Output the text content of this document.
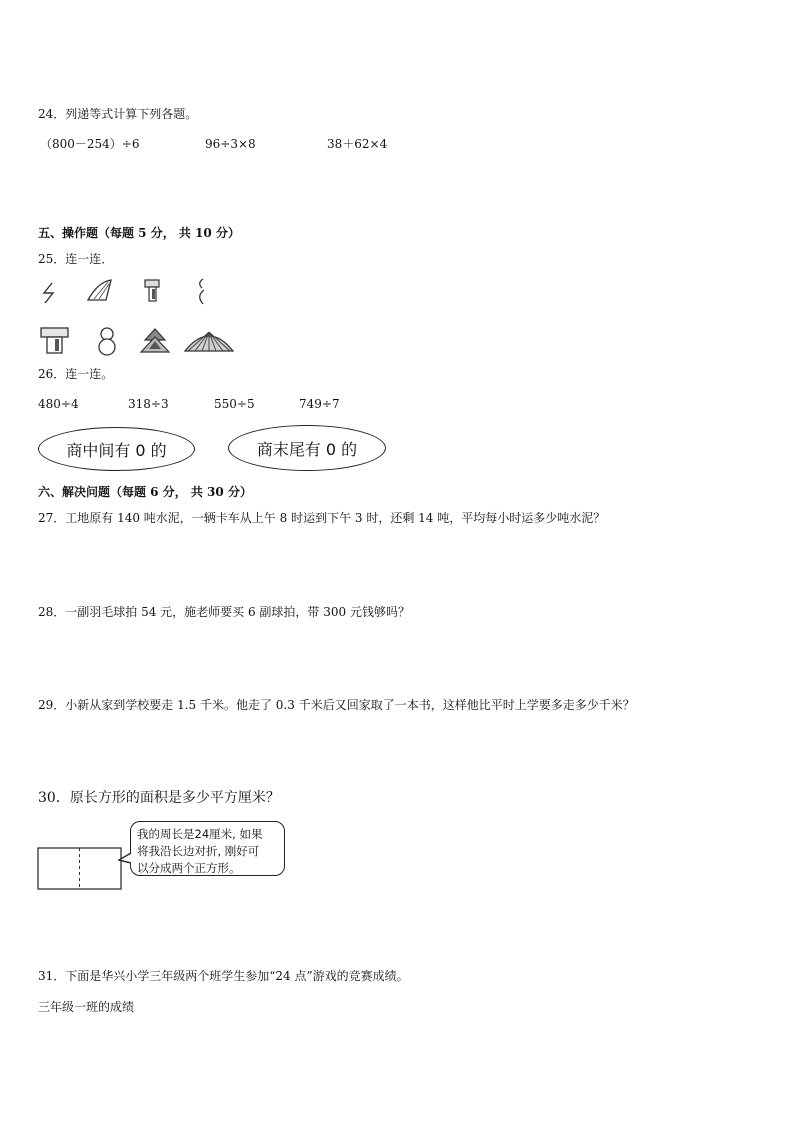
24．列递等式计算下列各题。
（800－254）÷6	96÷3×8	38＋62×4
五、操作题（每题 5 分， 共 10 分）
25．连一连．
26．连一连。
480÷4	318÷3	550÷5	749÷7
商中间有 0 的	商末尾有 0 的
六、解决问题（每题 6 分， 共 30 分）
27．工地原有 140 吨水泥，一辆卡车从上午 8 时运到下午 3 时，还剩 14 吨，平均每小时运多少吨水泥？
28．一副羽毛球拍 54 元，施老师要买 6 副球拍，带 300 元钱够吗？
29．小新从家到学校要走 1.5 千米。他走了 0.3 千米后又回家取了一本书，这样他比平时上学要多走多少千米？
30．原长方形的面积是多少平方厘米？
我的周长是24厘米, 如果
将我沿长边对折, 刚好可
以分成两个正方形。
31．下面是华兴小学三年级两个班学生参加“24 点”游戏的竞赛成绩。
三年级一班的成绩
